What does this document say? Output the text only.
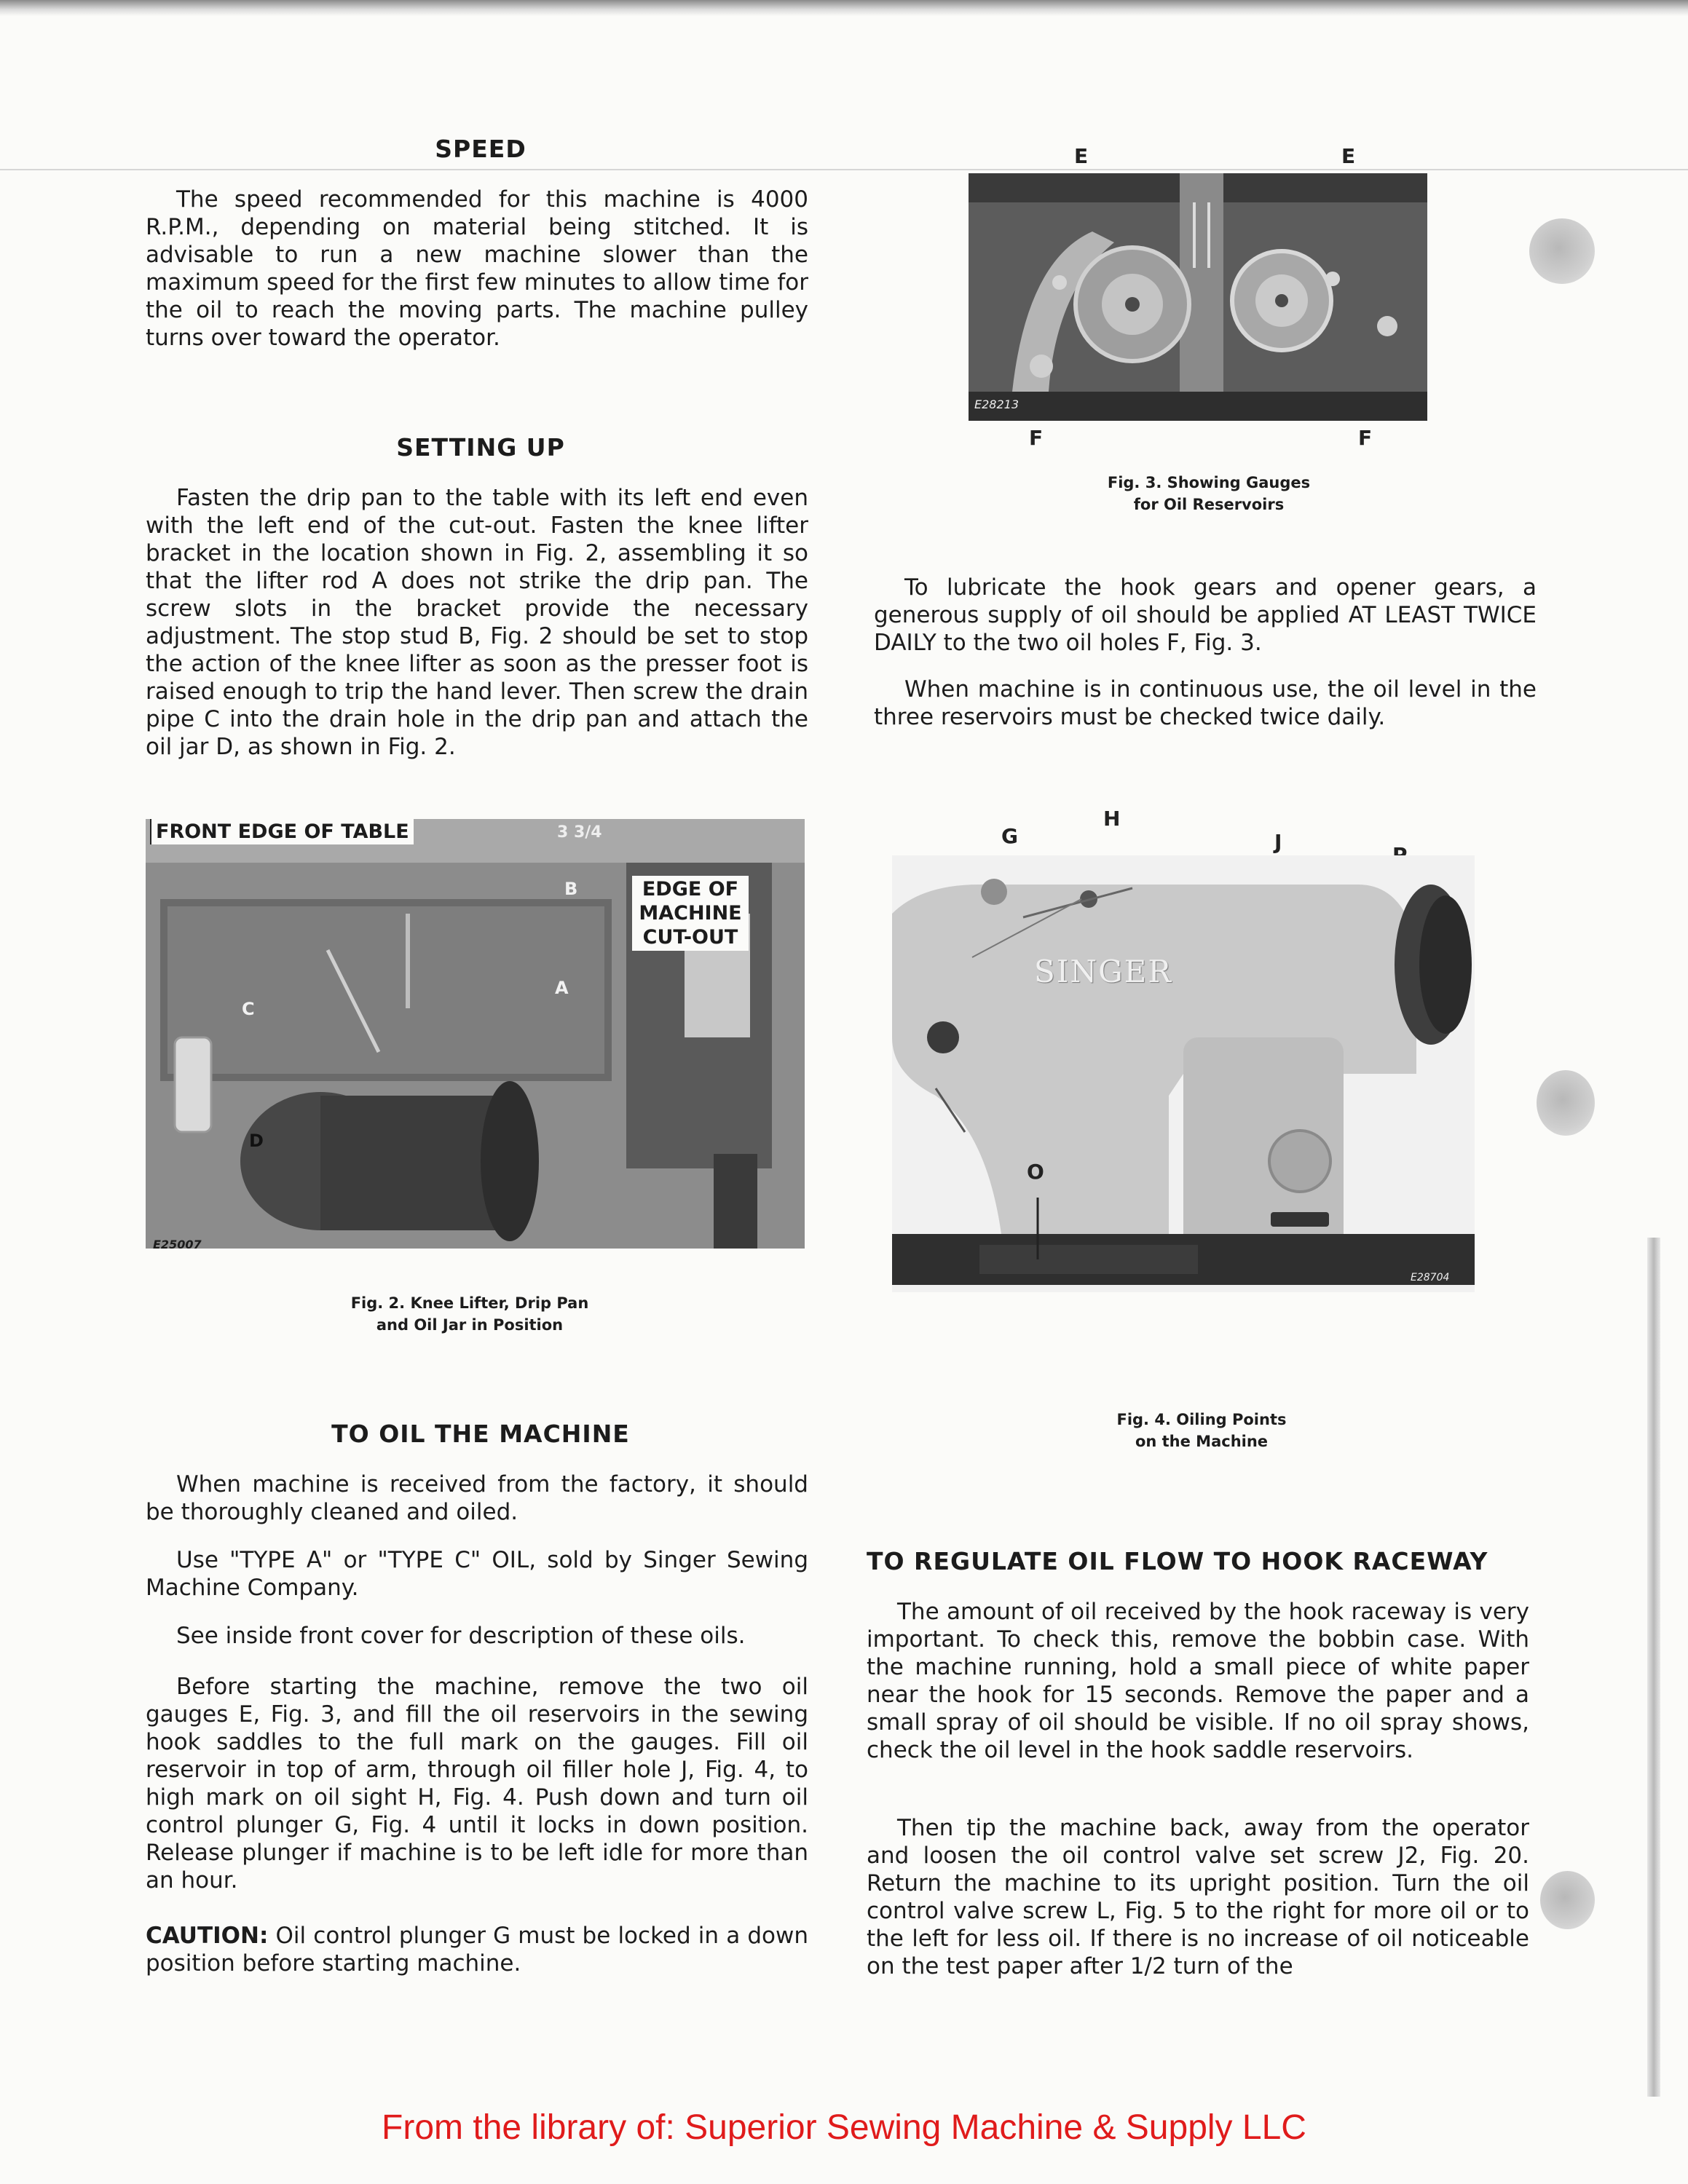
SPEED

The speed recommended for this machine is 4000 R.P.M., depending on material being stitched. It is advisable to run a new machine slower than the maximum speed for the first few minutes to allow time for the oil to reach the moving parts. The machine pulley turns over toward the operator.

SETTING UP

Fasten the drip pan to the table with its left end even with the left end of the cut-out. Fasten the knee lifter bracket in the location shown in Fig. 2, assembling it so that the lifter rod A does not strike the drip pan. The screw slots in the bracket provide the necessary adjustment. The stop stud B, Fig. 2 should be set to stop the action of the knee lifter as soon as the presser foot is raised enough to trip the hand lever. Then screw the drain pipe C into the drain hole in the drip pan and attach the oil jar D, as shown in Fig. 2.

E	E
E28213
F	F
Fig. 3. Showing Gauges
for Oil Reservoirs

To lubricate the hook gears and opener gears, a generous supply of oil should be applied AT LEAST TWICE DAILY to the two oil holes F, Fig. 3.

When machine is in continuous use, the oil level in the three reservoirs must be checked twice daily.

FRONT EDGE OF TABLE	3 3/4
EDGE OF
MACHINE
CUT-OUT
A
B
C
D
E25007
Fig. 2. Knee Lifter, Drip Pan
and Oil Jar in Position
G
H
J
SINGER
O
E28704
Fig. 4. Oiling Points
on the Machine
TO OIL THE MACHINE

When machine is received from the factory, it should be thoroughly cleaned and oiled.

Use "TYPE A" or "TYPE C" OIL, sold by Singer Sewing Machine Company.

See inside front cover for description of these oils.

Before starting the machine, remove the two oil gauges E, Fig. 3, and fill the oil reservoirs in the sewing hook saddles to the full mark on the gauges. Fill oil reservoir in top of arm, through oil filler hole J, Fig. 4, to high mark on oil sight H, Fig. 4. Push down and turn oil control plunger G, Fig. 4 until it locks in down position. Release plunger if machine is to be left idle for more than an hour.

CAUTION: Oil control plunger G must be locked in a down position before starting machine.

TO REGULATE OIL FLOW TO HOOK RACEWAY

The amount of oil received by the hook raceway is very important. To check this, remove the bobbin case. With the machine running, hold a small piece of white paper near the hook for 15 seconds. Remove the paper and a small spray of oil should be visible. If no oil spray shows, check the oil level in the hook saddle reservoirs.

Then tip the machine back, away from the operator and loosen the oil control valve set screw J2, Fig. 20. Return the machine to its upright position. Turn the oil control valve screw L, Fig. 5 to the right for more oil or to the left for less oil. If there is no increase of oil noticeable on the test paper after 1/2 turn of the

From the library of: Superior Sewing Machine & Supply LLC
